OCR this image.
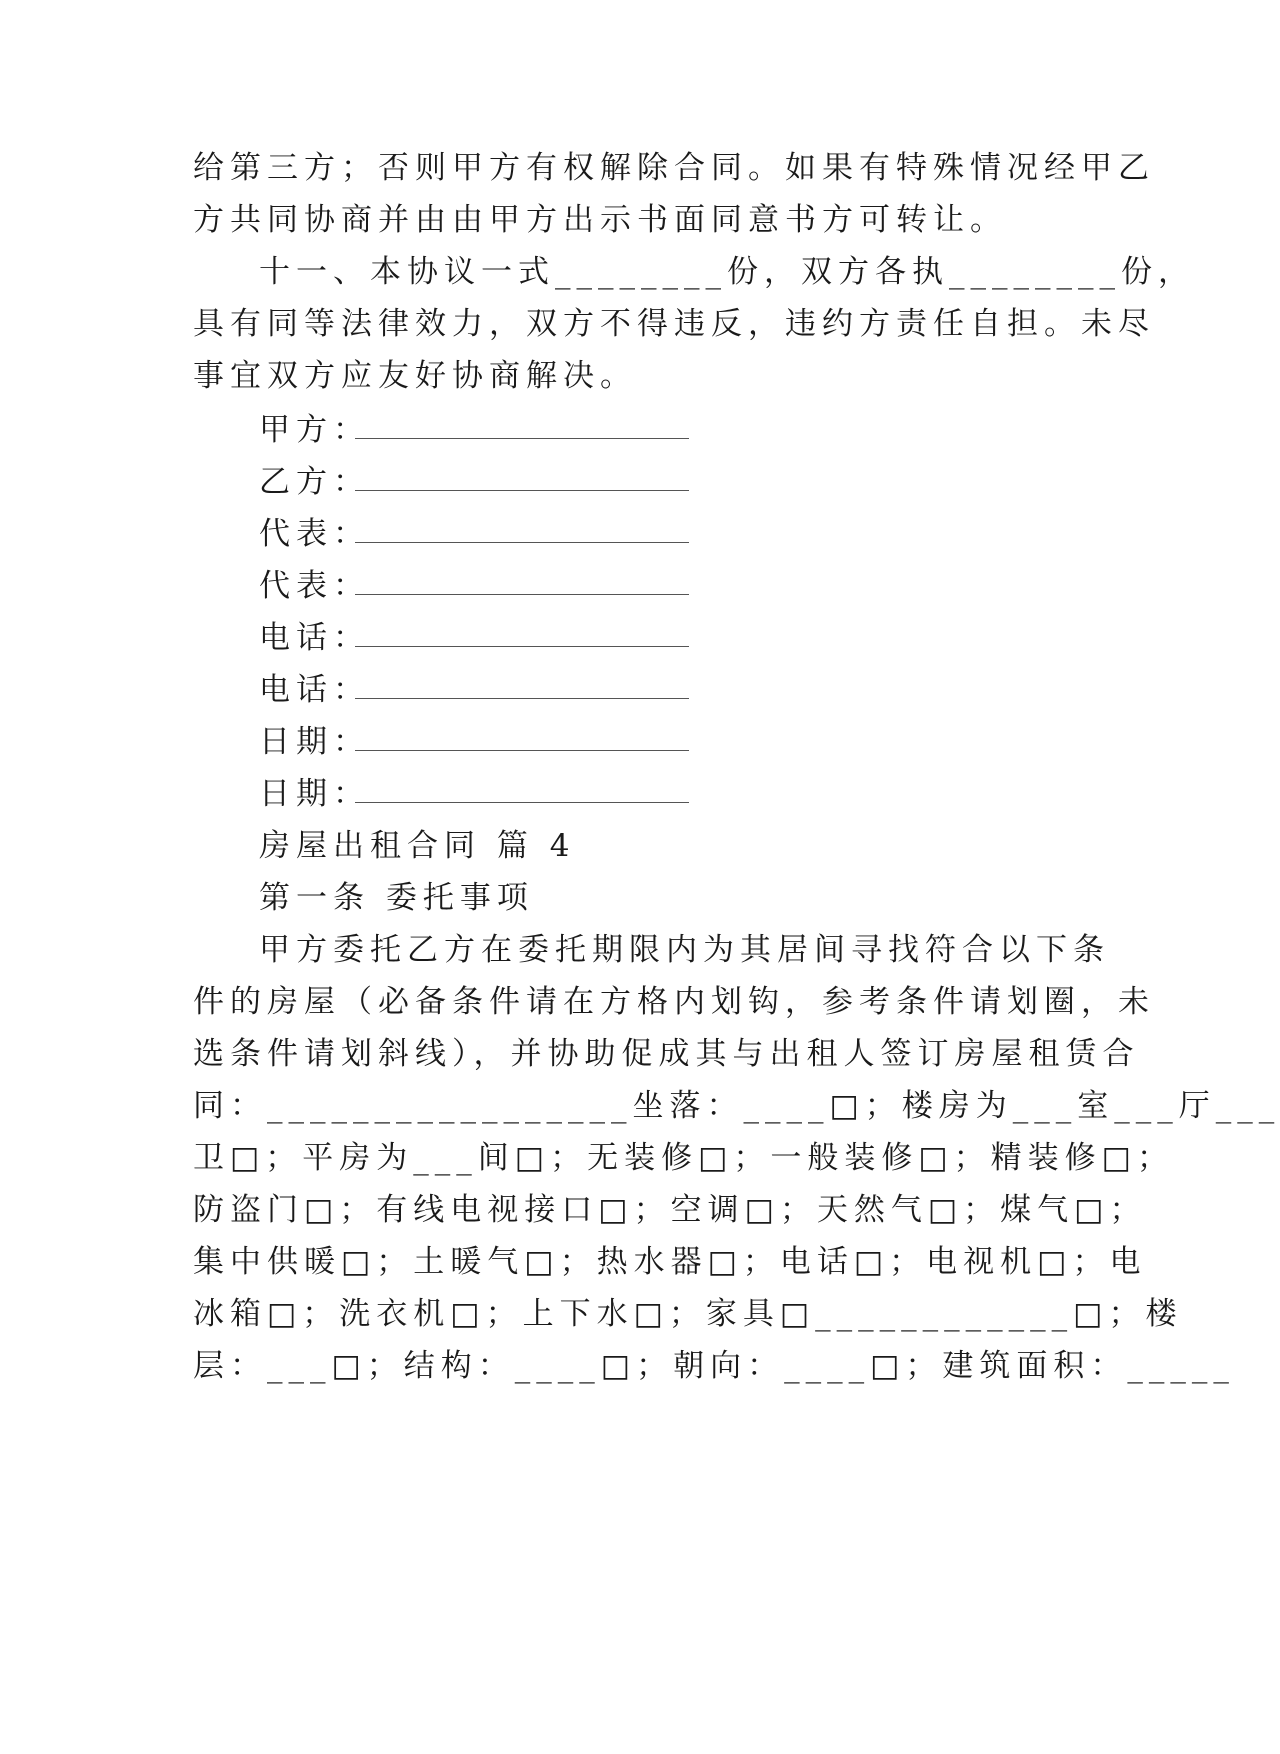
给第三方；否则甲方有权解除合同。如果有特殊情况经甲乙
方共同协商并由由甲方出示书面同意书方可转让。
十一、本协议一式________份，双方各执________份，
具有同等法律效力，双方不得违反，违约方责任自担。未尽
事宜双方应友好协商解决。
甲方：
乙方：
代表：
代表：
电话：
电话：
日期：
日期：
房屋出租合同 篇 4
第一条 委托事项
甲方委托乙方在委托期限内为其居间寻找符合以下条
件的房屋（必备条件请在方格内划钩，参考条件请划圈，未
选条件请划斜线），并协助促成其与出租人签订房屋租赁合
同：_________________坐落：____□；楼房为___室___厅___
卫□；平房为___间□；无装修□；一般装修□；精装修□；
防盗门□；有线电视接口□；空调□；天然气□；煤气□；
集中供暖□；土暖气□；热水器□；电话□；电视机□；电
冰箱□；洗衣机□；上下水□；家具□____________□；楼
层：___□；结构：____□；朝向：____□；建筑面积：_____
